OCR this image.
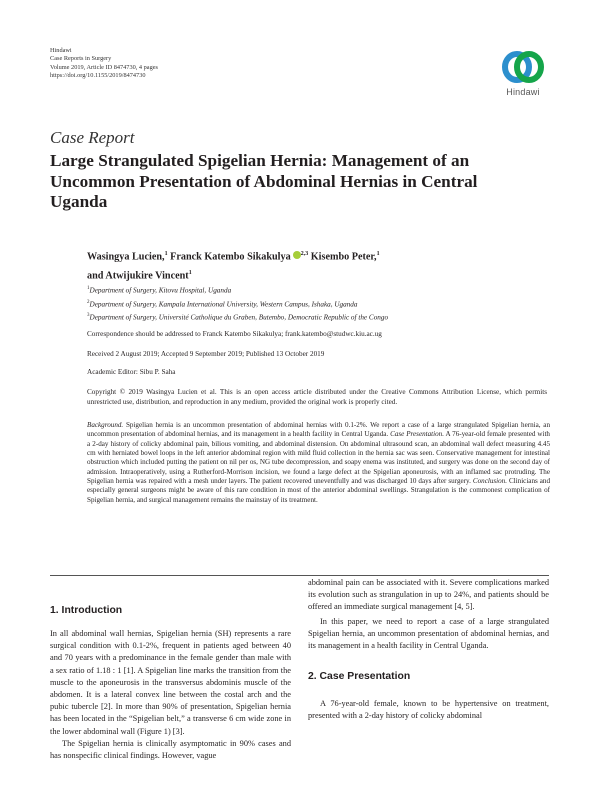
Hindawi
Case Reports in Surgery
Volume 2019, Article ID 8474730, 4 pages
https://doi.org/10.1155/2019/8474730
Hindawi
Case Report
Large Strangulated Spigelian Hernia: Management of an Uncommon Presentation of Abdominal Hernias in Central Uganda
Wasingya Lucien,$^1$ Franck Katembo Sikakulya $^{2,3}$ Kisembo Peter,$^1$
and Atwijukire Vincent$^1$
$^1$Department of Surgery, Kitovu Hospital, Uganda
$^2$Department of Surgery, Kampala International University, Western Campus, Ishaka, Uganda
$^3$Department of Surgery, Université Catholique du Graben, Butembo, Democratic Republic of the Congo
Correspondence should be addressed to Franck Katembo Sikakulya; frank.katembo@studwc.kiu.ac.ug
Received 2 August 2019; Accepted 9 September 2019; Published 13 October 2019
Academic Editor: Sibu P. Saha
Copyright © 2019 Wasingya Lucien et al. This is an open access article distributed under the Creative Commons Attribution License, which permits unrestricted use, distribution, and reproduction in any medium, provided the original work is properly cited.
Background. Spigelian hernia is an uncommon presentation of abdominal hernias with 0.1-2%. We report a case of a large strangulated Spigelian hernia, an uncommon presentation of abdominal hernias, and its management in a health facility in Central Uganda. Case Presentation. A 76-year-old female presented with a 2-day history of colicky abdominal pain, bilious vomiting, and abdominal distension. On abdominal ultrasound scan, an abdominal wall defect measuring 4.45 cm with herniated bowel loops in the left anterior abdominal region with mild fluid collection in the hernia sac was seen. Conservative management for intestinal obstruction which included putting the patient on nil per os, NG tube decompression, and soapy enema was instituted, and surgery was done on the second day of admission. Intraoperatively, using a Rutherford-Morrison incision, we found a large defect at the Spigelian aponeurosis, with an inflamed sac protruding. The Spigelian hernia was repaired with a mesh under layers. The patient recovered uneventfully and was discharged 10 days after surgery. Conclusion. Clinicians and especially general surgeons might be aware of this rare condition in most of the anterior abdominal swellings. Strangulation is the commonest complication of Spigelian hernia, and surgical management remains the mainstay of its treatment.
1. Introduction

In all abdominal wall hernias, Spigelian hernia (SH) represents a rare surgical condition with 0.1-2%, frequent in patients aged between 40 and 70 years with a predominance in the female gender than male with a sex ratio of 1.18 : 1 [1]. A Spigelian line marks the transition from the muscle to the aponeurosis in the transversus abdominis muscle of the abdomen. It is a lateral convex line between the costal arch and the pubic tubercle [2]. In more than 90% of presentation, Spigelian hernia has been located in the “Spigelian belt,” a transverse 6 cm wide zone in the lower abdominal wall (Figure 1) [3].

The Spigelian hernia is clinically asymptomatic in 90% cases and has nonspecific clinical findings. However, vague

abdominal pain can be associated with it. Severe complications marked its evolution such as strangulation in up to 24%, and patients should be offered an immediate surgical management [4, 5].

In this paper, we need to report a case of a large strangulated Spigelian hernia, an uncommon presentation of abdominal hernias, and its management in a health facility in Central Uganda.

2. Case Presentation

A 76-year-old female, known to be hypertensive on treatment, presented with a 2-day history of colicky abdominal
